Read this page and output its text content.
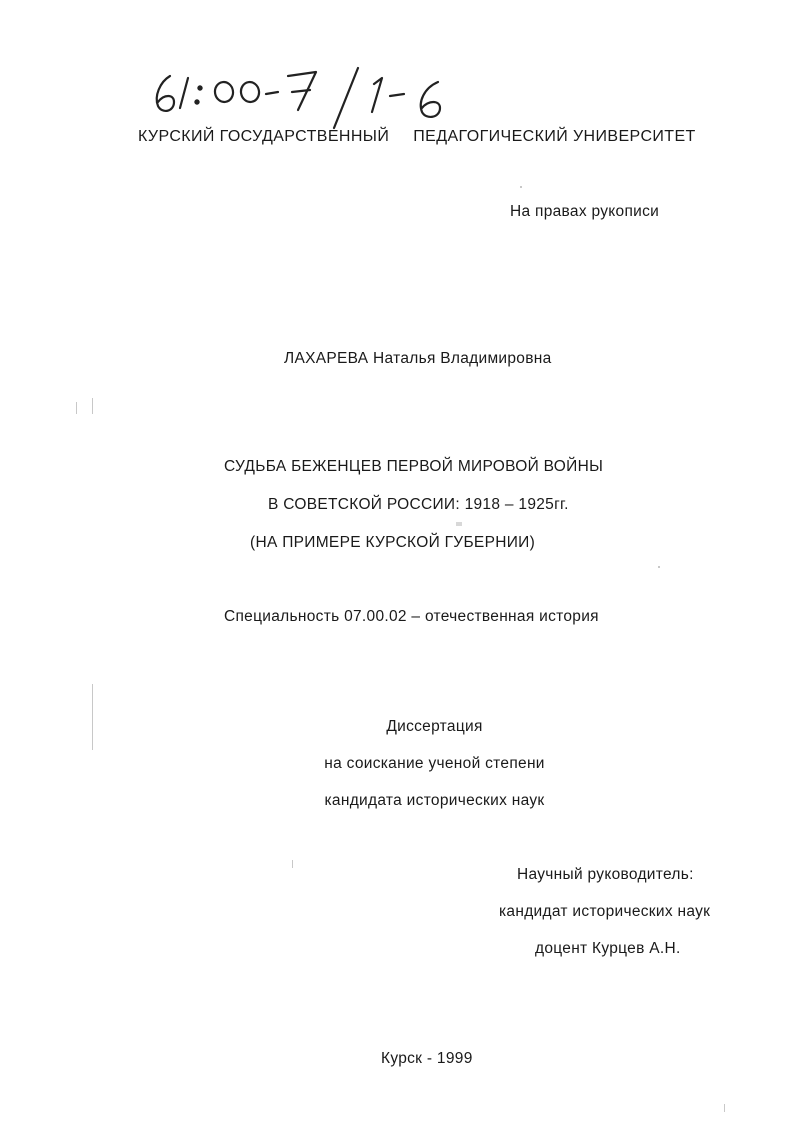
КУРСКИЙ ГОСУДАРСТВЕННЫЙ ПЕДАГОГИЧЕСКИЙ УНИВЕРСИТЕТ
На правах рукописи
ЛАХАРЕВА Наталья Владимировна
СУДЬБА БЕЖЕНЦЕВ ПЕРВОЙ МИРОВОЙ ВОЙНЫ
В СОВЕТСКОЙ РОССИИ: 1918 – 1925гг.
(НА ПРИМЕРЕ КУРСКОЙ ГУБЕРНИИ)
Специальность 07.00.02 – отечественная история
Диссертация
на соискание ученой степени
кандидата исторических наук
Научный руководитель:
кандидат исторических наук
доцент Курцев А.Н.
Курск - 1999
